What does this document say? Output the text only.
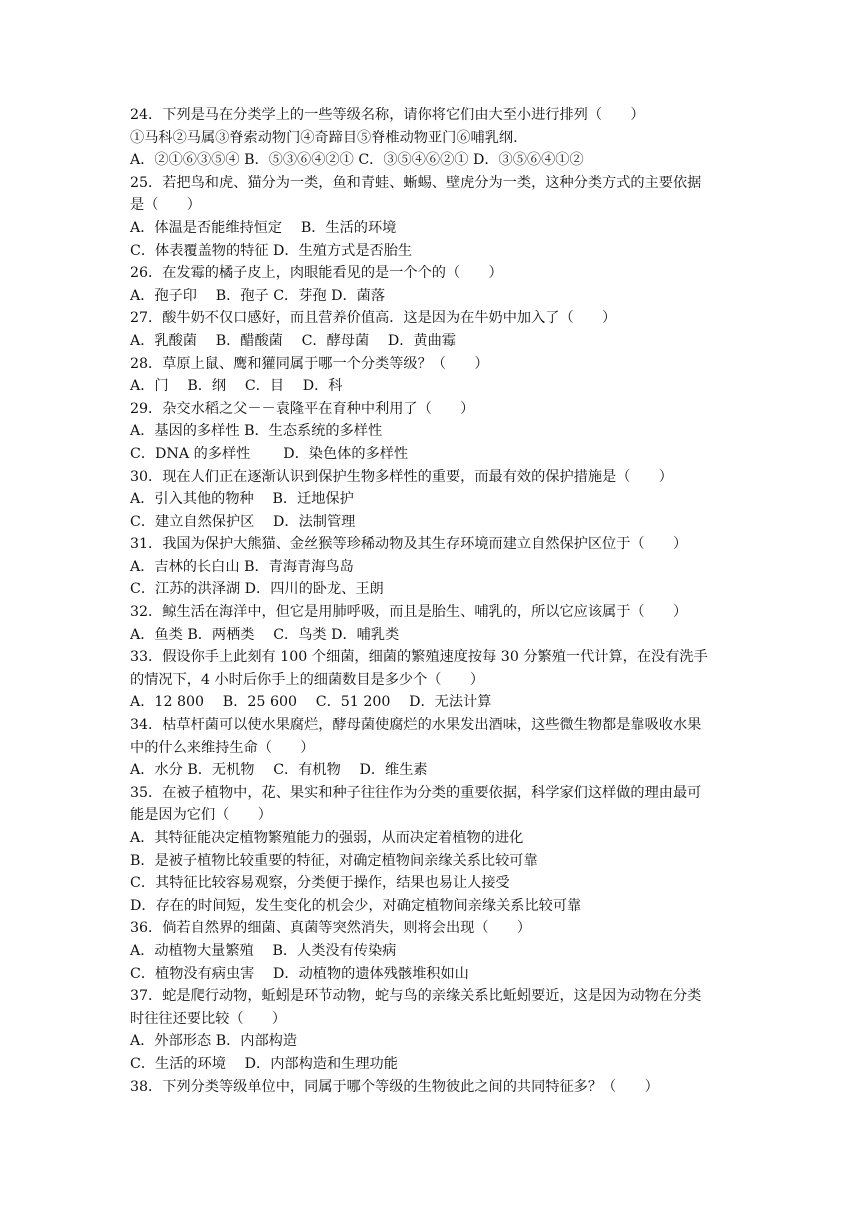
24．下列是马在分类学上的一些等级名称，请你将它们由大至小进行排列（　　）
①马科②马属③脊索动物门④奇蹄目⑤脊椎动物亚门⑥哺乳纲.
A．②①⑥③⑤④ B．⑤③⑥④②① C．③⑤④⑥②① D．③⑤⑥④①②
25．若把鸟和虎、猫分为一类，鱼和青蛙、蜥蜴、壁虎分为一类，这种分类方式的主要依据
是（　　）
A．体温是否能维持恒定　 B．生活的环境
C．体表覆盖物的特征 D．生殖方式是否胎生
26．在发霉的橘子皮上，肉眼能看见的是一个个的（　　）
A．孢子印　 B．孢子 C．芽孢 D．菌落
27．酸牛奶不仅口感好，而且营养价值高．这是因为在牛奶中加入了（　　）
A．乳酸菌　 B．醋酸菌　 C．酵母菌　 D．黄曲霉
28．草原上鼠、鹰和獾同属于哪一个分类等级？（　　）
A．门　 B．纲　 C．目　 D．科
29．杂交水稻之父－－袁隆平在育种中利用了（　　）
A．基因的多样性 B．生态系统的多样性
C．DNA 的多样性　　 D．染色体的多样性
30．现在人们正在逐渐认识到保护生物多样性的重要，而最有效的保护措施是（　　）
A．引入其他的物种　 B．迁地保护
C．建立自然保护区　 D．法制管理
31．我国为保护大熊猫、金丝猴等珍稀动物及其生存环境而建立自然保护区位于（　　）
A．吉林的长白山 B．青海青海鸟岛
C．江苏的洪泽湖 D．四川的卧龙、王朗
32．鲸生活在海洋中，但它是用肺呼吸，而且是胎生、哺乳的，所以它应该属于（　　）
A．鱼类 B．两栖类　 C．鸟类 D．哺乳类
33．假设你手上此刻有 100 个细菌，细菌的繁殖速度按每 30 分繁殖一代计算，在没有洗手
的情况下，4 小时后你手上的细菌数目是多少个（　　）
A．12 800　 B．25 600　 C．51 200　 D．无法计算
34．枯草杆菌可以使水果腐烂，酵母菌使腐烂的水果发出酒味，这些微生物都是靠吸收水果
中的什么来维持生命（　　）
A．水分 B．无机物　 C．有机物　 D．维生素
35．在被子植物中，花、果实和种子往往作为分类的重要依据，科学家们这样做的理由最可
能是因为它们（　　）
A．其特征能决定植物繁殖能力的强弱，从而决定着植物的进化
B．是被子植物比较重要的特征，对确定植物间亲缘关系比较可靠
C．其特征比较容易观察，分类便于操作，结果也易让人接受
D．存在的时间短，发生变化的机会少，对确定植物间亲缘关系比较可靠
36．倘若自然界的细菌、真菌等突然消失，则将会出现（　　）
A．动植物大量繁殖　 B．人类没有传染病
C．植物没有病虫害　 D．动植物的遗体残骸堆积如山
37．蛇是爬行动物，蚯蚓是环节动物，蛇与鸟的亲缘关系比蚯蚓要近，这是因为动物在分类
时往往还要比较（　　）
A．外部形态 B．内部构造
C．生活的环境　 D．内部构造和生理功能
38．下列分类等级单位中，同属于哪个等级的生物彼此之间的共同特征多？（　　）
